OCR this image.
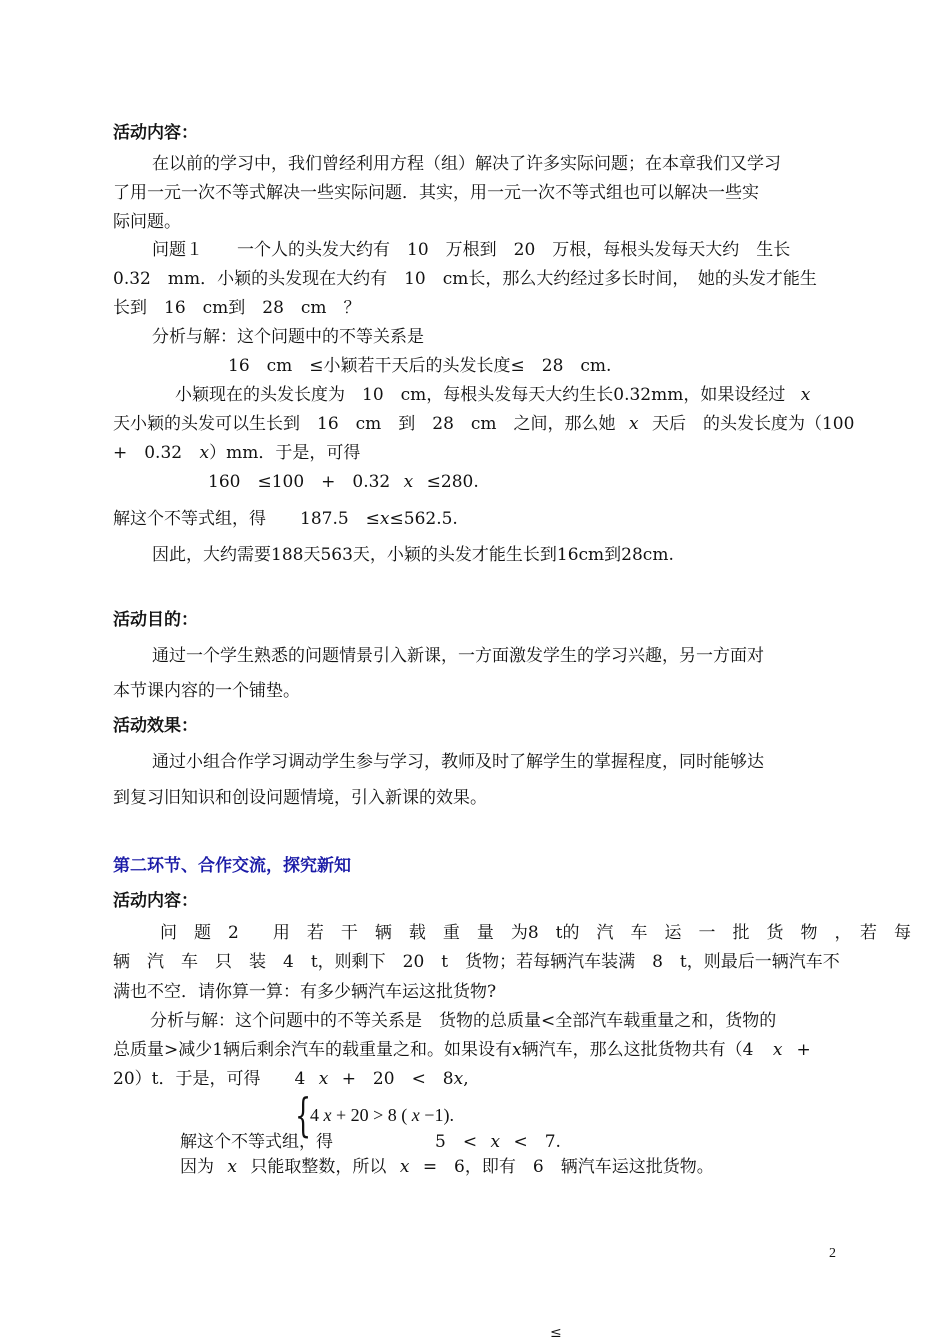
活动内容：
在以前的学习中，我们曾经利用方程（组）解决了许多实际问题；在本章我们又学习
了用一元一次不等式解决一些实际问题．其实，用一元一次不等式组也可以解决一些实
际问题。
问题１　　一个人的头发大约有　10　万根到　20　万根，每根头发每天大约　生长
0.32　mm．小颖的头发现在大约有　10　cm长，那么大约经过多长时间，　她的头发才能生
长到　16　cm到　28　cm　？
分析与解：这个问题中的不等关系是
16　cm　≤小颖若干天后的头发长度≤　28　cm.
小颖现在的头发长度为　10　cm，每根头发每天大约生长0.32mm，如果设经过 x
天小颖的头发可以生长到　16　cm　到　28　cm　之间，那么她 x 天后　的头发长度为（100
+　0.32 x）mm．于是，可得
160　≤100　+　0.32 x ≤280.
解这个不等式组，得　　187.5　≤x≤562.5.
因此，大约需要188天563天，小颖的头发才能生长到16cm到28cm.
活动目的：
通过一个学生熟悉的问题情景引入新课，一方面激发学生的学习兴趣，另一方面对
本节课内容的一个铺垫。
活动效果：
通过小组合作学习调动学生参与学习，教师及时了解学生的掌握程度，同时能够达
到复习旧知识和创设问题情境，引入新课的效果。
第二环节、合作交流，探究新知
活动内容：
问　题　2　　用　若　干　辆　载　重　量　为8　t的　汽　车　运　一　批　货　物　，　若　每
辆　汽　车　只　装　4　t，则剩下　20　t　货物；若每辆汽车装满　8　t，则最后一辆汽车不
满也不空．请你算一算：有多少辆汽车运这批货物?
分析与解：这个问题中的不等关系是　货物的总质量<全部汽车载重量之和，货物的
总质量>减少1辆后剩余汽车的载重量之和。如果设有x辆汽车，那么这批货物共有（4 x +
20）t．于是，可得　　4 x +　20　<　8x,
{
4 x + 20 > 8 ( x −1).
解这个不等式组，得　　　　　　5　< x <　7.
因为 x 只能取整数，所以 x =　6，即有　6　辆汽车运这批货物。
2
≤
